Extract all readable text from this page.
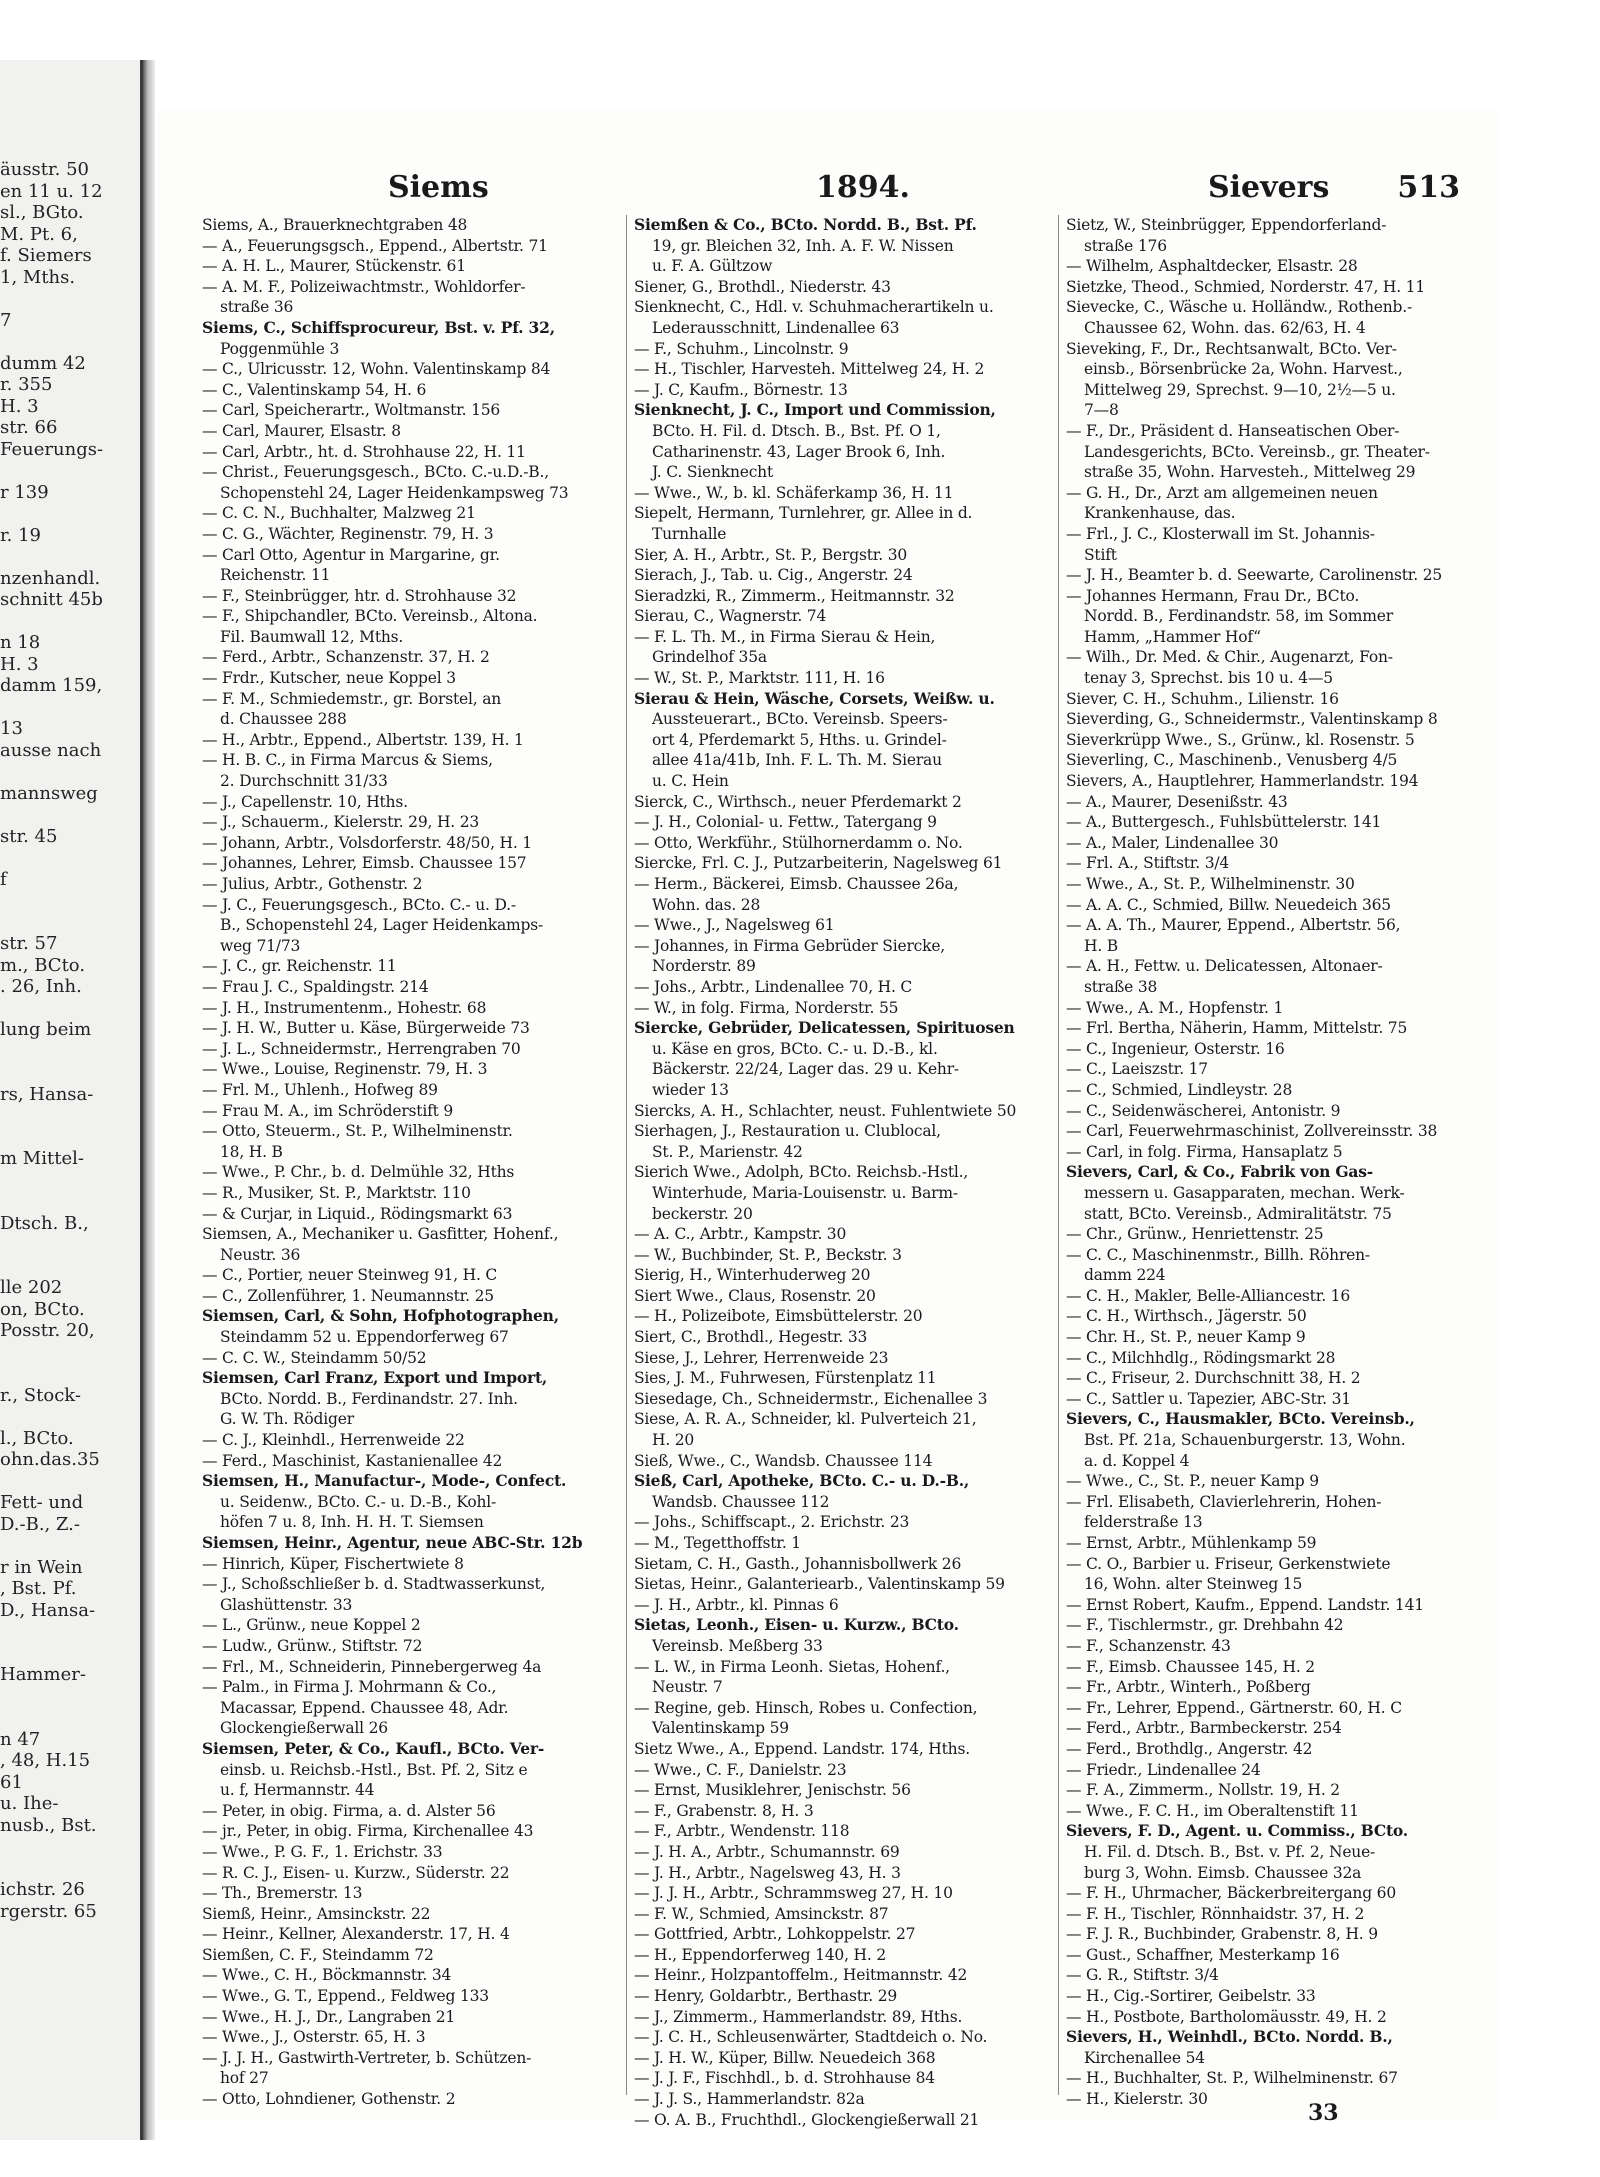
äusstr. 50
en 11 u. 12
sl., BGto.
M. Pt. 6,
f. Siemers
1, Mths.
7
dumm 42
r. 355
H. 3
str. 66
Feuerungs-
r 139
r. 19
nzenhandl.
schnitt 45b
n 18
H. 3
damm 159,
13
ausse nach
mannsweg
str. 45
f
str. 57
m., BCto.
. 26, Inh.
lung beim
rs, Hansa-
m Mittel-
Dtsch. B.,
lle 202
on, BCto.
Posstr. 20,
r., Stock-
l., BCto.
ohn.das.35
Fett- und
D.-B., Z.-
r in Wein
, Bst. Pf.
D., Hansa-
Hammer-
n 47
, 48, H.15
61
u. Ihe-
nusb., Bst.
ichstr. 26
rgerstr. 65
Siems	1894.	Sievers 513
Siems, A., Brauerknechtgraben 48
— A., Feuerungsgsch., Eppend., Albertstr. 71
— A. H. L., Maurer, Stückenstr. 61
— A. M. F., Polizeiwachtmstr., Wohldorfer-
straße 36
Siems, C., Schiffsprocureur, Bst. v. Pf. 32,
Poggenmühle 3
— C., Ulricusstr. 12, Wohn. Valentinskamp 84
— C., Valentinskamp 54, H. 6
— Carl, Speicherartr., Woltmanstr. 156
— Carl, Maurer, Elsastr. 8
— Carl, Arbtr., ht. d. Strohhause 22, H. 11
— Christ., Feuerungsgesch., BCto. C.-u.D.-B.,
Schopenstehl 24, Lager Heidenkampsweg 73
— C. C. N., Buchhalter, Malzweg 21
— C. G., Wächter, Reginenstr. 79, H. 3
— Carl Otto, Agentur in Margarine, gr.
Reichenstr. 11
— F., Steinbrügger, htr. d. Strohhause 32
— F., Shipchandler, BCto. Vereinsb., Altona.
Fil. Baumwall 12, Mths.
— Ferd., Arbtr., Schanzenstr. 37, H. 2
— Frdr., Kutscher, neue Koppel 3
— F. M., Schmiedemstr., gr. Borstel, an
d. Chaussee 288
— H., Arbtr., Eppend., Albertstr. 139, H. 1
— H. B. C., in Firma Marcus & Siems,
2. Durchschnitt 31/33
— J., Capellenstr. 10, Hths.
— J., Schauerm., Kielerstr. 29, H. 23
— Johann, Arbtr., Volsdorferstr. 48/50, H. 1
— Johannes, Lehrer, Eimsb. Chaussee 157
— Julius, Arbtr., Gothenstr. 2
— J. C., Feuerungsgesch., BCto. C.- u. D.-
B., Schopenstehl 24, Lager Heidenkamps-
weg 71/73
— J. C., gr. Reichenstr. 11
— Frau J. C., Spaldingstr. 214
— J. H., Instrumentenm., Hohestr. 68
— J. H. W., Butter u. Käse, Bürgerweide 73
— J. L., Schneidermstr., Herrengraben 70
— Wwe., Louise, Reginenstr. 79, H. 3
— Frl. M., Uhlenh., Hofweg 89
— Frau M. A., im Schröderstift 9
— Otto, Steuerm., St. P., Wilhelminenstr.
18, H. B
— Wwe., P. Chr., b. d. Delmühle 32, Hths
— R., Musiker, St. P., Marktstr. 110
— & Curjar, in Liquid., Rödingsmarkt 63
Siemsen, A., Mechaniker u. Gasfitter, Hohenf.,
Neustr. 36
— C., Portier, neuer Steinweg 91, H. C
— C., Zollenführer, 1. Neumannstr. 25
Siemsen, Carl, & Sohn, Hofphotographen,
Steindamm 52 u. Eppendorferweg 67
— C. C. W., Steindamm 50/52
Siemsen, Carl Franz, Export und Import,
BCto. Nordd. B., Ferdinandstr. 27. Inh.
G. W. Th. Rödiger
— C. J., Kleinhdl., Herrenweide 22
— Ferd., Maschinist, Kastanienallee 42
Siemsen, H., Manufactur-, Mode-, Confect.
u. Seidenw., BCto. C.- u. D.-B., Kohl-
höfen 7 u. 8, Inh. H. H. T. Siemsen
Siemsen, Heinr., Agentur, neue ABC-Str. 12b
— Hinrich, Küper, Fischertwiete 8
— J., Schoßschließer b. d. Stadtwasserkunst,
Glashüttenstr. 33
— L., Grünw., neue Koppel 2
— Ludw., Grünw., Stiftstr. 72
— Frl., M., Schneiderin, Pinnebergerweg 4a
— Palm., in Firma J. Mohrmann & Co.,
Macassar, Eppend. Chaussee 48, Adr.
Glockengießerwall 26
Siemsen, Peter, & Co., Kaufl., BCto. Ver-
einsb. u. Reichsb.-Hstl., Bst. Pf. 2, Sitz e
u. f, Hermannstr. 44
— Peter, in obig. Firma, a. d. Alster 56
— jr., Peter, in obig. Firma, Kirchenallee 43
— Wwe., P. G. F., 1. Erichstr. 33
— R. C. J., Eisen- u. Kurzw., Süderstr. 22
— Th., Bremerstr. 13
Siemß, Heinr., Amsinckstr. 22
— Heinr., Kellner, Alexanderstr. 17, H. 4
Siemßen, C. F., Steindamm 72
— Wwe., C. H., Böckmannstr. 34
— Wwe., G. T., Eppend., Feldweg 133
— Wwe., H. J., Dr., Langraben 21
— Wwe., J., Osterstr. 65, H. 3
— J. J. H., Gastwirth-Vertreter, b. Schützen-
hof 27
— Otto, Lohndiener, Gothenstr. 2
Siemßen & Co., BCto. Nordd. B., Bst. Pf.
19, gr. Bleichen 32, Inh. A. F. W. Nissen
u. F. A. Gültzow
Siener, G., Brothdl., Niederstr. 43
Sienknecht, C., Hdl. v. Schuhmacherartikeln u.
Lederausschnitt, Lindenallee 63
— F., Schuhm., Lincolnstr. 9
— H., Tischler, Harvesteh. Mittelweg 24, H. 2
— J. C, Kaufm., Börnestr. 13
Sienknecht, J. C., Import und Commission,
BCto. H. Fil. d. Dtsch. B., Bst. Pf. O 1,
Catharinenstr. 43, Lager Brook 6, Inh.
J. C. Sienknecht
— Wwe., W., b. kl. Schäferkamp 36, H. 11
Siepelt, Hermann, Turnlehrer, gr. Allee in d.
Turnhalle
Sier, A. H., Arbtr., St. P., Bergstr. 30
Sierach, J., Tab. u. Cig., Angerstr. 24
Sieradzki, R., Zimmerm., Heitmannstr. 32
Sierau, C., Wagnerstr. 74
— F. L. Th. M., in Firma Sierau & Hein,
Grindelhof 35a
— W., St. P., Marktstr. 111, H. 16
Sierau & Hein, Wäsche, Corsets, Weißw. u.
Aussteuerart., BCto. Vereinsb. Speers-
ort 4, Pferdemarkt 5, Hths. u. Grindel-
allee 41a/41b, Inh. F. L. Th. M. Sierau
u. C. Hein
Sierck, C., Wirthsch., neuer Pferdemarkt 2
— J. H., Colonial- u. Fettw., Tatergang 9
— Otto, Werkführ., Stülhornerdamm o. No.
Siercke, Frl. C. J., Putzarbeiterin, Nagelsweg 61
— Herm., Bäckerei, Eimsb. Chaussee 26a,
Wohn. das. 28
— Wwe., J., Nagelsweg 61
— Johannes, in Firma Gebrüder Siercke,
Norderstr. 89
— Johs., Arbtr., Lindenallee 70, H. C
— W., in folg. Firma, Norderstr. 55
Siercke, Gebrüder, Delicatessen, Spirituosen
u. Käse en gros, BCto. C.- u. D.-B., kl.
Bäckerstr. 22/24, Lager das. 29 u. Kehr-
wieder 13
Siercks, A. H., Schlachter, neust. Fuhlentwiete 50
Sierhagen, J., Restauration u. Clublocal,
St. P., Marienstr. 42
Sierich Wwe., Adolph, BCto. Reichsb.-Hstl.,
Winterhude, Maria-Louisenstr. u. Barm-
beckerstr. 20
— A. C., Arbtr., Kampstr. 30
— W., Buchbinder, St. P., Beckstr. 3
Sierig, H., Winterhuderweg 20
Siert Wwe., Claus, Rosenstr. 20
— H., Polizeibote, Eimsbüttelerstr. 20
Siert, C., Brothdl., Hegestr. 33
Siese, J., Lehrer, Herrenweide 23
Sies, J. M., Fuhrwesen, Fürstenplatz 11
Siesedage, Ch., Schneidermstr., Eichenallee 3
Siese, A. R. A., Schneider, kl. Pulverteich 21,
H. 20
Sieß, Wwe., C., Wandsb. Chaussee 114
Sieß, Carl, Apotheke, BCto. C.- u. D.-B.,
Wandsb. Chaussee 112
— Johs., Schiffscapt., 2. Erichstr. 23
— M., Tegetthoffstr. 1
Sietam, C. H., Gasth., Johannisbollwerk 26
Sietas, Heinr., Galanteriearb., Valentinskamp 59
— J. H., Arbtr., kl. Pinnas 6
Sietas, Leonh., Eisen- u. Kurzw., BCto.
Vereinsb. Meßberg 33
— L. W., in Firma Leonh. Sietas, Hohenf.,
Neustr. 7
— Regine, geb. Hinsch, Robes u. Confection,
Valentinskamp 59
Sietz Wwe., A., Eppend. Landstr. 174, Hths.
— Wwe., C. F., Danielstr. 23
— Ernst, Musiklehrer, Jenischstr. 56
— F., Grabenstr. 8, H. 3
— F., Arbtr., Wendenstr. 118
— J. H. A., Arbtr., Schumannstr. 69
— J. H., Arbtr., Nagelsweg 43, H. 3
— J. J. H., Arbtr., Schrammsweg 27, H. 10
— F. W., Schmied, Amsinckstr. 87
— Gottfried, Arbtr., Lohkoppelstr. 27
— H., Eppendorferweg 140, H. 2
— Heinr., Holzpantoffelm., Heitmannstr. 42
— Henry, Goldarbtr., Berthastr. 29
— J., Zimmerm., Hammerlandstr. 89, Hths.
— J. C. H., Schleusenwärter, Stadtdeich o. No.
— J. H. W., Küper, Billw. Neuedeich 368
— J. J. F., Fischhdl., b. d. Strohhause 84
— J. J. S., Hammerlandstr. 82a
— O. A. B., Fruchthdl., Glockengießerwall 21
Sietz, W., Steinbrügger, Eppendorferland-
straße 176
— Wilhelm, Asphaltdecker, Elsastr. 28
Sietzke, Theod., Schmied, Norderstr. 47, H. 11
Sievecke, C., Wäsche u. Holländw., Rothenb.-
Chaussee 62, Wohn. das. 62/63, H. 4
Sieveking, F., Dr., Rechtsanwalt, BCto. Ver-
einsb., Börsenbrücke 2a, Wohn. Harvest.,
Mittelweg 29, Sprechst. 9—10, 2½—5 u.
7—8
— F., Dr., Präsident d. Hanseatischen Ober-
Landesgerichts, BCto. Vereinsb., gr. Theater-
straße 35, Wohn. Harvesteh., Mittelweg 29
— G. H., Dr., Arzt am allgemeinen neuen
Krankenhause, das.
— Frl., J. C., Klosterwall im St. Johannis-
Stift
— J. H., Beamter b. d. Seewarte, Carolinenstr. 25
— Johannes Hermann, Frau Dr., BCto.
Nordd. B., Ferdinandstr. 58, im Sommer
Hamm, „Hammer Hof“
— Wilh., Dr. Med. & Chir., Augenarzt, Fon-
tenay 3, Sprechst. bis 10 u. 4—5
Siever, C. H., Schuhm., Lilienstr. 16
Sieverding, G., Schneidermstr., Valentinskamp 8
Sieverkrüpp Wwe., S., Grünw., kl. Rosenstr. 5
Sieverling, C., Maschinenb., Venusberg 4/5
Sievers, A., Hauptlehrer, Hammerlandstr. 194
— A., Maurer, Desenißstr. 43
— A., Buttergesch., Fuhlsbüttelerstr. 141
— A., Maler, Lindenallee 30
— Frl. A., Stiftstr. 3/4
— Wwe., A., St. P., Wilhelminenstr. 30
— A. A. C., Schmied, Billw. Neuedeich 365
— A. A. Th., Maurer, Eppend., Albertstr. 56,
H. B
— A. H., Fettw. u. Delicatessen, Altonaer-
straße 38
— Wwe., A. M., Hopfenstr. 1
— Frl. Bertha, Näherin, Hamm, Mittelstr. 75
— C., Ingenieur, Osterstr. 16
— C., Laeiszstr. 17
— C., Schmied, Lindleystr. 28
— C., Seidenwäscherei, Antonistr. 9
— Carl, Feuerwehrmaschinist, Zollvereinsstr. 38
— Carl, in folg. Firma, Hansaplatz 5
Sievers, Carl, & Co., Fabrik von Gas-
messern u. Gasapparaten, mechan. Werk-
statt, BCto. Vereinsb., Admiralitätstr. 75
— Chr., Grünw., Henriettenstr. 25
— C. C., Maschinenmstr., Billh. Röhren-
damm 224
— C. H., Makler, Belle-Alliancestr. 16
— C. H., Wirthsch., Jägerstr. 50
— Chr. H., St. P., neuer Kamp 9
— C., Milchhdlg., Rödingsmarkt 28
— C., Friseur, 2. Durchschnitt 38, H. 2
— C., Sattler u. Tapezier, ABC-Str. 31
Sievers, C., Hausmakler, BCto. Vereinsb.,
Bst. Pf. 21a, Schauenburgerstr. 13, Wohn.
a. d. Koppel 4
— Wwe., C., St. P., neuer Kamp 9
— Frl. Elisabeth, Clavierlehrerin, Hohen-
felderstraße 13
— Ernst, Arbtr., Mühlenkamp 59
— C. O., Barbier u. Friseur, Gerkenstwiete
16, Wohn. alter Steinweg 15
— Ernst Robert, Kaufm., Eppend. Landstr. 141
— F., Tischlermstr., gr. Drehbahn 42
— F., Schanzenstr. 43
— F., Eimsb. Chaussee 145, H. 2
— Fr., Arbtr., Winterh., Poßberg
— Fr., Lehrer, Eppend., Gärtnerstr. 60, H. C
— Ferd., Arbtr., Barmbeckerstr. 254
— Ferd., Brothdlg., Angerstr. 42
— Friedr., Lindenallee 24
— F. A., Zimmerm., Nollstr. 19, H. 2
— Wwe., F. C. H., im Oberaltenstift 11
Sievers, F. D., Agent. u. Commiss., BCto.
H. Fil. d. Dtsch. B., Bst. v. Pf. 2, Neue-
burg 3, Wohn. Eimsb. Chaussee 32a
— F. H., Uhrmacher, Bäckerbreitergang 60
— F. H., Tischler, Rönnhaidstr. 37, H. 2
— F. J. R., Buchbinder, Grabenstr. 8, H. 9
— Gust., Schaffner, Mesterkamp 16
— G. R., Stiftstr. 3/4
— H., Cig.-Sortirer, Geibelstr. 33
— H., Postbote, Bartholomäusstr. 49, H. 2
Sievers, H., Weinhdl., BCto. Nordd. B.,
Kirchenallee 54
— H., Buchhalter, St. P., Wilhelminenstr. 67
— H., Kielerstr. 30
33
